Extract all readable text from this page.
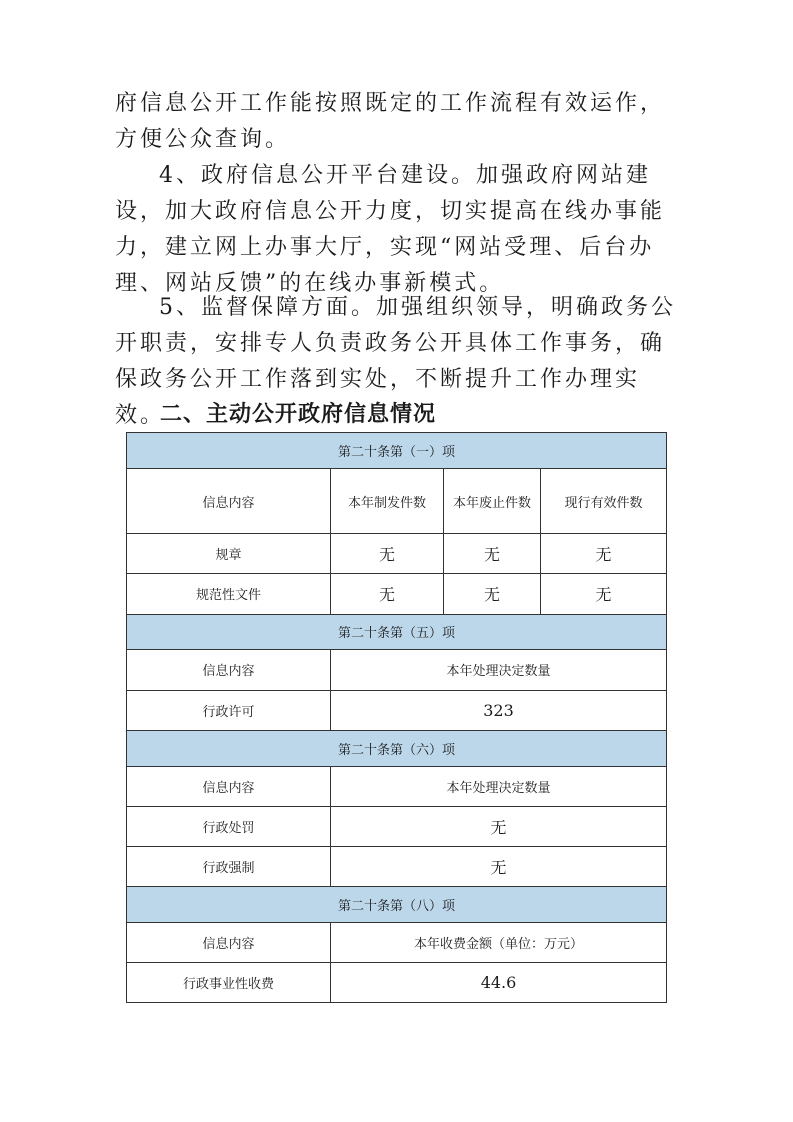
府信息公开工作能按照既定的工作流程有效运作，方便公众查询。

4、政府信息公开平台建设。加强政府网站建设，加大政府信息公开力度，切实提高在线办事能力，建立网上办事大厅，实现“网站受理、后台办理、网站反馈”的在线办事新模式。

5、监督保障方面。加强组织领导，明确政务公开职责，安排专人负责政务公开具体工作事务，确保政务公开工作落到实处，不断提升工作办理实效。

二、主动公开政府信息情况
第二十条第（一）项			
信息内容	本年制发件数	本年废止件数	现行有效件数
规章	无	无	无
规范性文件	无	无	无
第二十条第（五）项			
信息内容	本年处理决定数量		
行政许可	323		
第二十条第（六）项			
信息内容	本年处理决定数量		
行政处罚	无		
行政强制	无		
第二十条第（八）项			
信息内容	本年收费金额（单位：万元）		
行政事业性收费	44.6		
